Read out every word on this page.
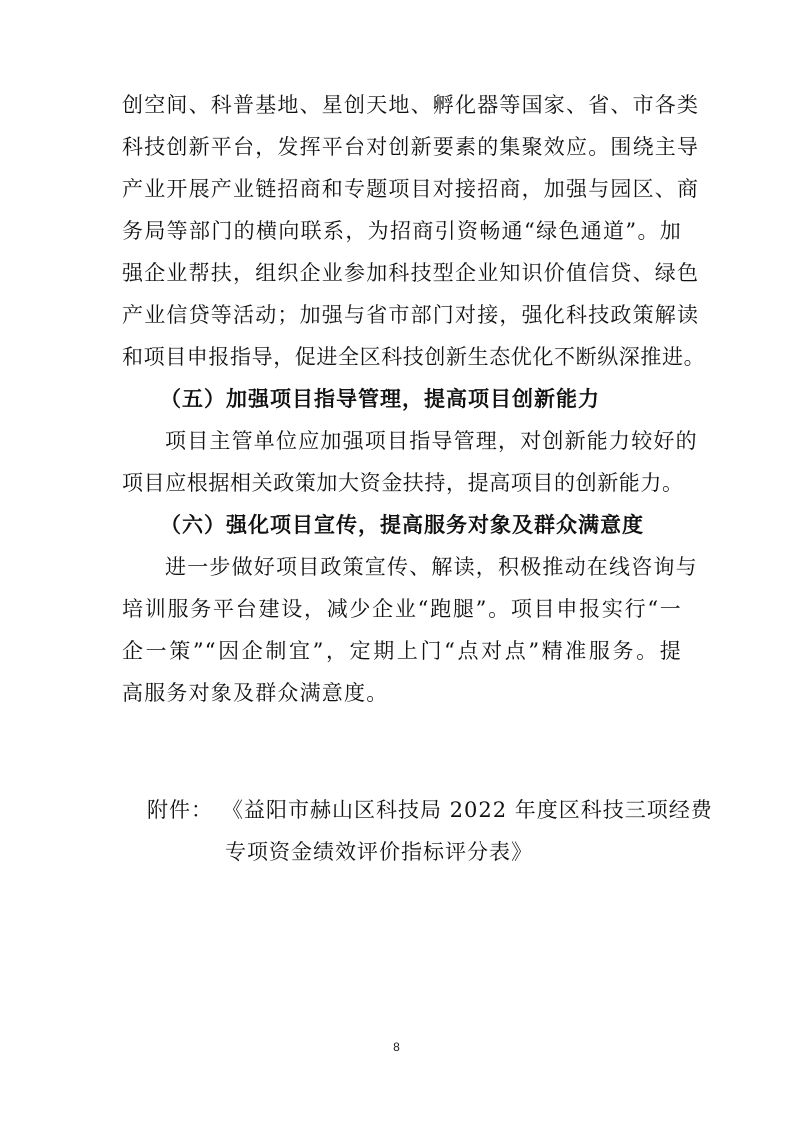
创空间、科普基地、星创天地、孵化器等国家、省、市各类
科技创新平台，发挥平台对创新要素的集聚效应。围绕主导
产业开展产业链招商和专题项目对接招商，加强与园区、商
务局等部门的横向联系，为招商引资畅通“绿色通道”。加
强企业帮扶，组织企业参加科技型企业知识价值信贷、绿色
产业信贷等活动；加强与省市部门对接，强化科技政策解读
和项目申报指导，促进全区科技创新生态优化不断纵深推进。
（五）加强项目指导管理，提高项目创新能力
项目主管单位应加强项目指导管理，对创新能力较好的
项目应根据相关政策加大资金扶持，提高项目的创新能力。
（六）强化项目宣传，提高服务对象及群众满意度
进一步做好项目政策宣传、解读，积极推动在线咨询与
培训服务平台建设，减少企业“跑腿”。项目申报实行“一
企一策”“因企制宜”，定期上门“点对点”精准服务。提
高服务对象及群众满意度。
附件： 《益阳市赫山区科技局 2022 年度区科技三项经费
专项资金绩效评价指标评分表》
8
